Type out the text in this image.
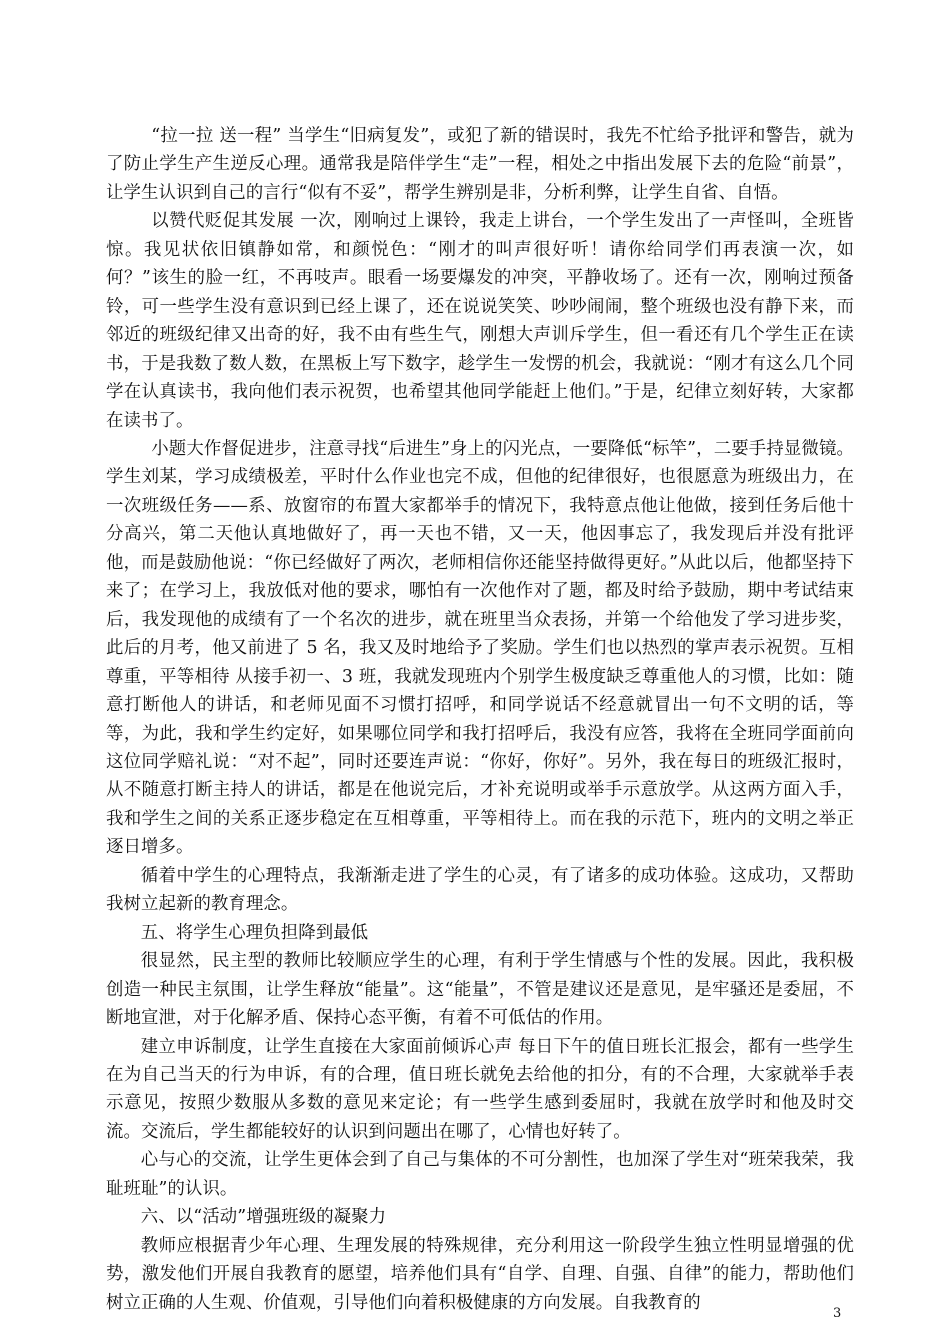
“拉一拉 送一程” 当学生“旧病复发”，或犯了新的错误时，我先不忙给予批评和警告，就为了防止学生产生逆反心理。通常我是陪伴学生“走”一程，相处之中指出发展下去的危险“前景”，让学生认识到自己的言行“似有不妥”，帮学生辨别是非，分析利弊，让学生自省、自悟。

以赞代贬促其发展 一次，刚响过上课铃，我走上讲台，一个学生发出了一声怪叫，全班皆惊。我见状依旧镇静如常，和颜悦色：“刚才的叫声很好听！请你给同学们再表演一次，如何？”该生的脸一红，不再吱声。眼看一场要爆发的冲突，平静收场了。还有一次，刚响过预备铃，可一些学生没有意识到已经上课了，还在说说笑笑、吵吵闹闹，整个班级也没有静下来，而邻近的班级纪律又出奇的好，我不由有些生气，刚想大声训斥学生，但一看还有几个学生正在读书，于是我数了数人数，在黑板上写下数字，趁学生一发愣的机会，我就说：“刚才有这么几个同学在认真读书，我向他们表示祝贺，也希望其他同学能赶上他们。”于是，纪律立刻好转，大家都在读书了。

小题大作督促进步，注意寻找“后进生”身上的闪光点，一要降低“标竿”，二要手持显微镜。学生刘某，学习成绩极差，平时什么作业也完不成，但他的纪律很好，也很愿意为班级出力，在一次班级任务——系、放窗帘的布置大家都举手的情况下，我特意点他让他做，接到任务后他十分高兴，第二天他认真地做好了，再一天也不错，又一天，他因事忘了，我发现后并没有批评他，而是鼓励他说：“你已经做好了两次，老师相信你还能坚持做得更好。”从此以后，他都坚持下来了；在学习上，我放低对他的要求，哪怕有一次他作对了题，都及时给予鼓励，期中考试结束后，我发现他的成绩有了一个名次的进步，就在班里当众表扬，并第一个给他发了学习进步奖，此后的月考，他又前进了 5 名，我又及时地给予了奖励。学生们也以热烈的掌声表示祝贺。互相尊重，平等相待 从接手初一、3 班，我就发现班内个别学生极度缺乏尊重他人的习惯，比如：随意打断他人的讲话，和老师见面不习惯打招呼，和同学说话不经意就冒出一句不文明的话，等等，为此，我和学生约定好，如果哪位同学和我打招呼后，我没有应答，我将在全班同学面前向这位同学赔礼说：“对不起”，同时还要连声说：“你好，你好”。另外，我在每日的班级汇报时，从不随意打断主持人的讲话，都是在他说完后，才补充说明或举手示意放学。从这两方面入手，我和学生之间的关系正逐步稳定在互相尊重，平等相待上。而在我的示范下，班内的文明之举正逐日增多。

循着中学生的心理特点，我渐渐走进了学生的心灵，有了诸多的成功体验。这成功，又帮助我树立起新的教育理念。

五、将学生心理负担降到最低

很显然，民主型的教师比较顺应学生的心理，有利于学生情感与个性的发展。因此，我积极创造一种民主氛围，让学生释放“能量”。这“能量”，不管是建议还是意见，是牢骚还是委屈，不断地宣泄，对于化解矛盾、保持心态平衡，有着不可低估的作用。

建立申诉制度，让学生直接在大家面前倾诉心声 每日下午的值日班长汇报会，都有一些学生在为自己当天的行为申诉，有的合理，值日班长就免去给他的扣分，有的不合理，大家就举手表示意见，按照少数服从多数的意见来定论；有一些学生感到委屈时，我就在放学时和他及时交流。交流后，学生都能较好的认识到问题出在哪了，心情也好转了。

心与心的交流，让学生更体会到了自己与集体的不可分割性，也加深了学生对“班荣我荣，我耻班耻”的认识。

六、以“活动”增强班级的凝聚力

教师应根据青少年心理、生理发展的特殊规律，充分利用这一阶段学生独立性明显增强的优势，激发他们开展自我教育的愿望，培养他们具有“自学、自理、自强、自律”的能力，帮助他们树立正确的人生观、价值观，引导他们向着积极健康的方向发展。自我教育的

3
